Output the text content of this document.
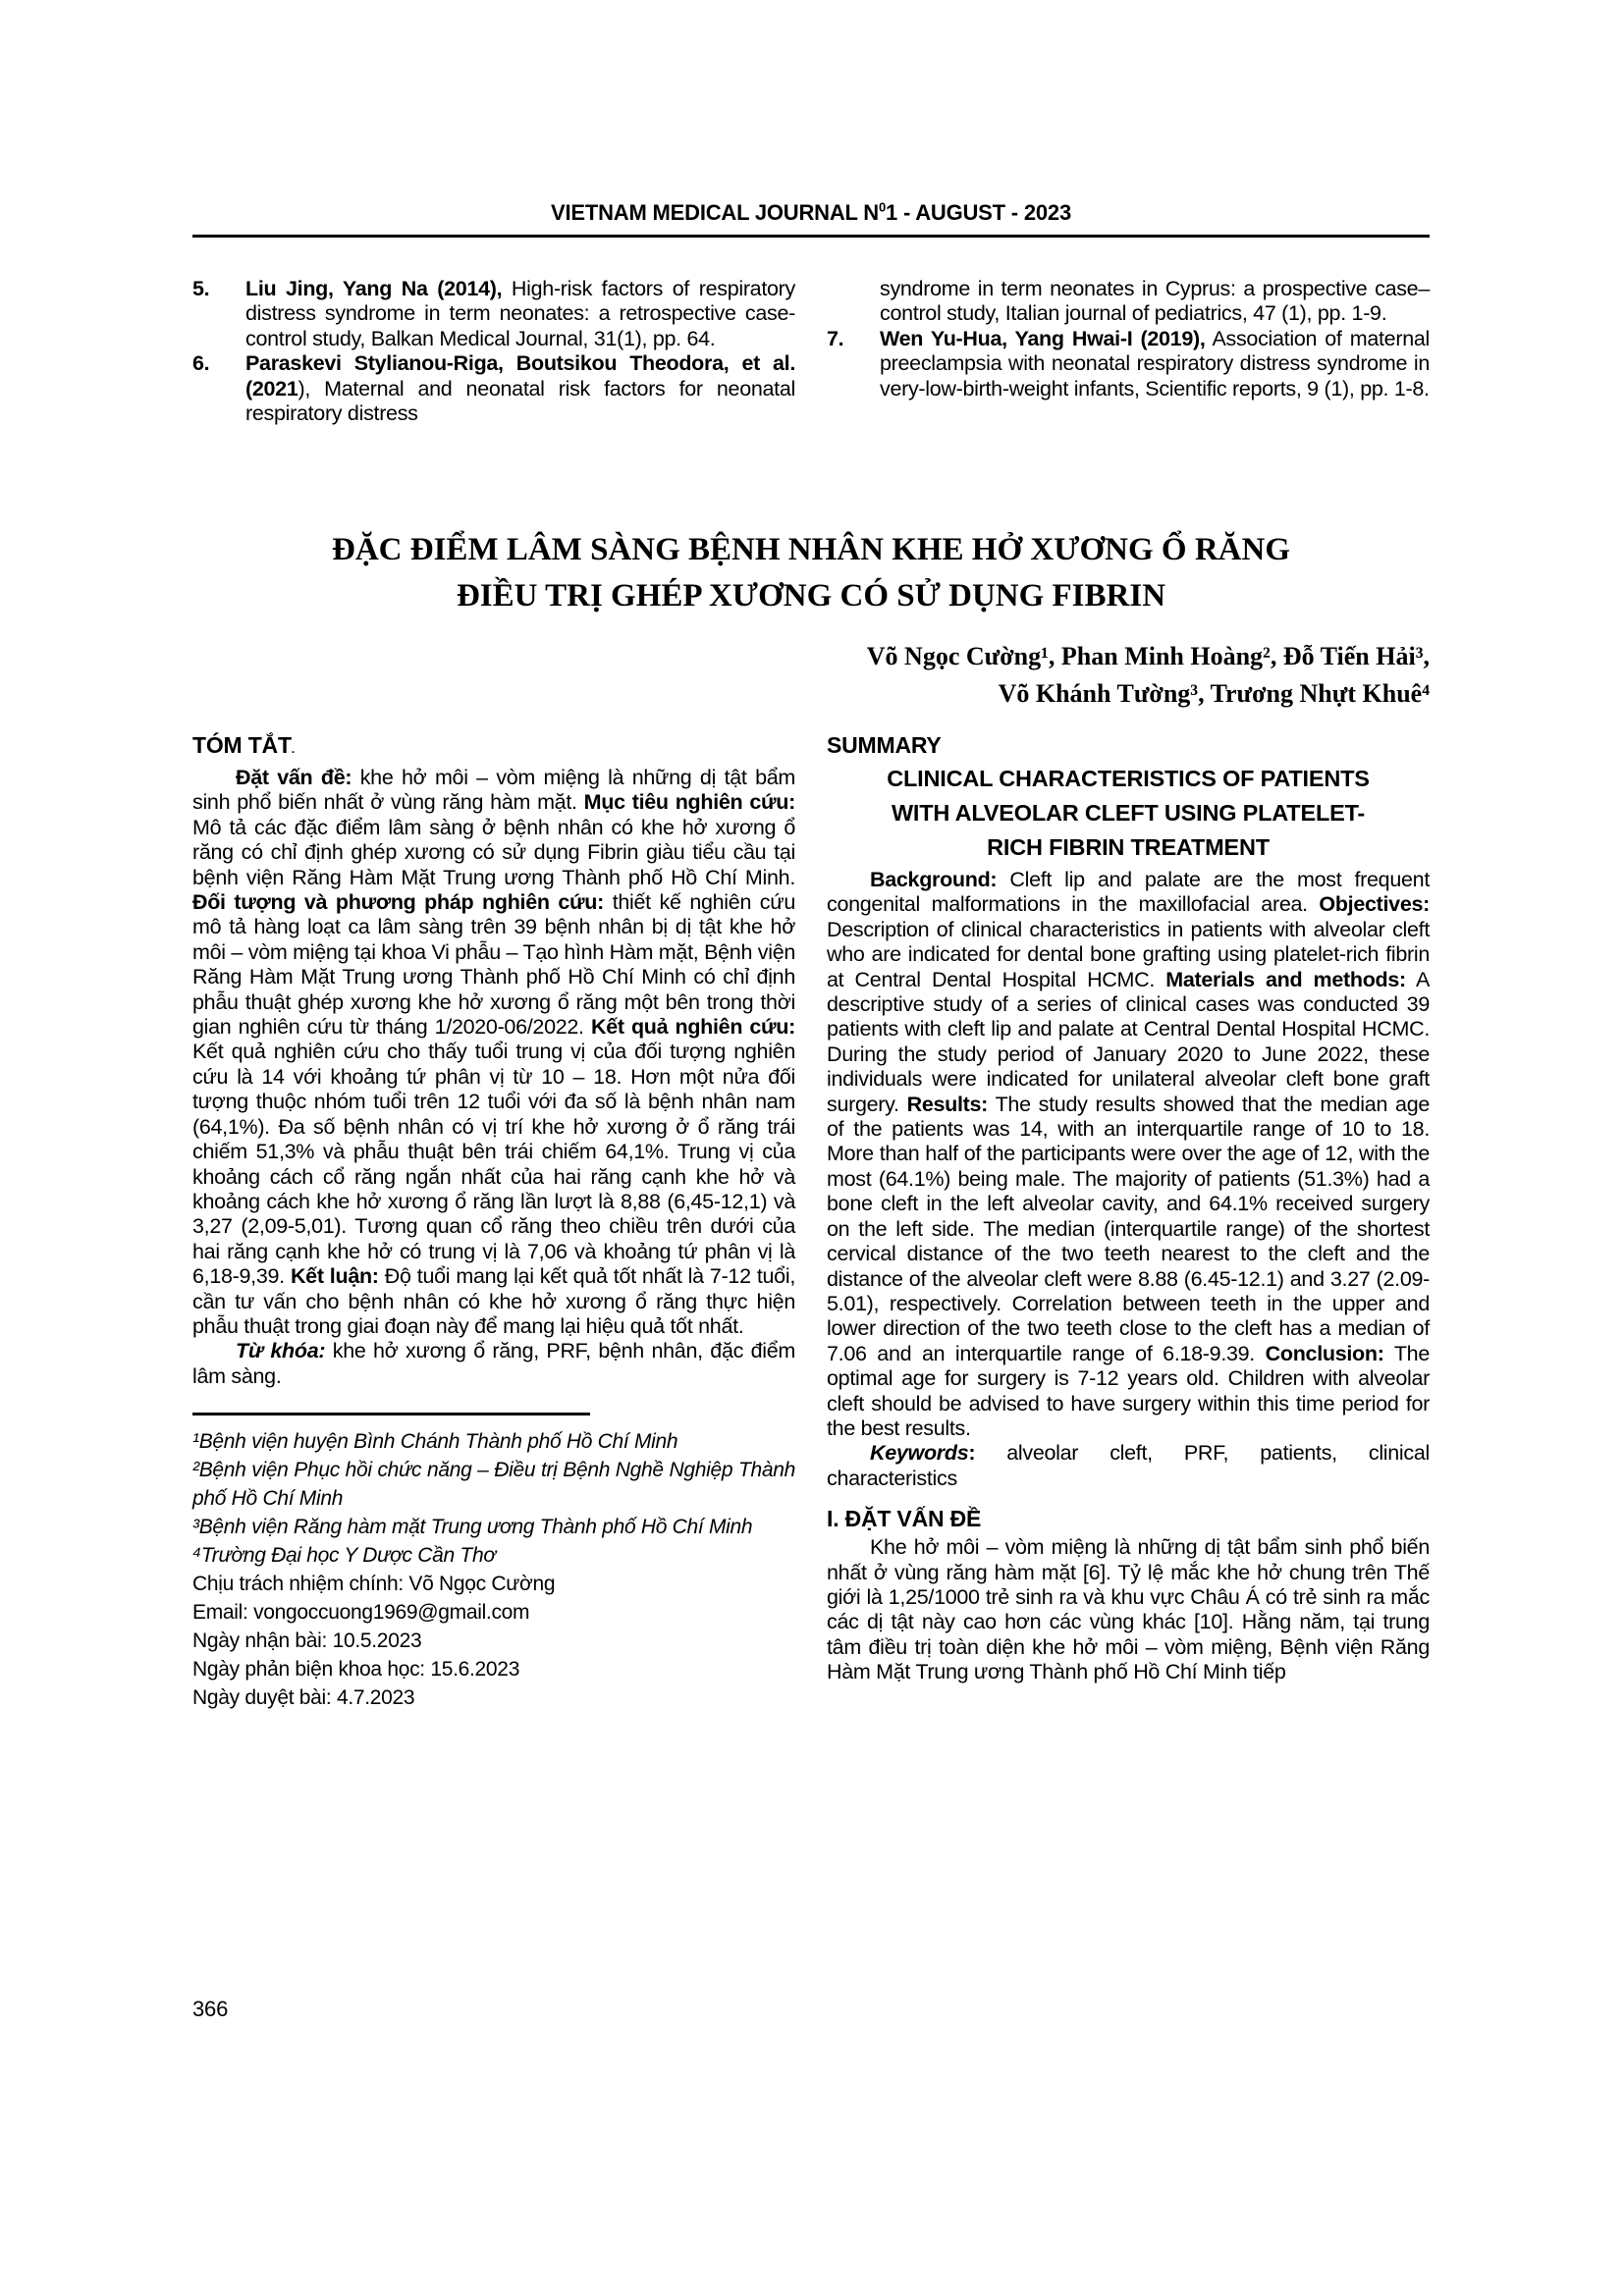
VIETNAM MEDICAL JOURNAL $N^01$ - AUGUST - 2023

5. Liu Jing, Yang Na (2014), High-risk factors of respiratory distress syndrome in term neonates: a retrospective case-control study, Balkan Medical Journal, 31(1), pp. 64.

6. Paraskevi Stylianou-Riga, Boutsikou Theodora, et al. (2021), Maternal and neonatal risk factors for neonatal respiratory distress

syndrome in term neonates in Cyprus: a prospective case–control study, Italian journal of pediatrics, 47 (1), pp. 1-9.

7. Wen Yu-Hua, Yang Hwai-I (2019), Association of maternal preeclampsia with neonatal respiratory distress syndrome in very-low-birth-weight infants, Scientific reports, 9 (1), pp. 1-8.

ĐẶC ĐIỂM LÂM SÀNG BỆNH NHÂN KHE HỞ XƯƠNG Ổ RĂNG
ĐIỀU TRỊ GHÉP XƯƠNG CÓ SỬ DỤNG FIBRIN
Võ Ngọc Cường¹, Phan Minh Hoàng², Đỗ Tiến Hải³,
Võ Khánh Tường³, Trương Nhựt Khuê⁴
TÓM TẮT.

Đặt vấn đề: khe hở môi – vòm miệng là những dị tật bẩm sinh phổ biến nhất ở vùng răng hàm mặt. Mục tiêu nghiên cứu: Mô tả các đặc điểm lâm sàng ở bệnh nhân có khe hở xương ổ răng có chỉ định ghép xương có sử dụng Fibrin giàu tiểu cầu tại bệnh viện Răng Hàm Mặt Trung ương Thành phố Hồ Chí Minh. Đối tượng và phương pháp nghiên cứu: thiết kế nghiên cứu mô tả hàng loạt ca lâm sàng trên 39 bệnh nhân bị dị tật khe hở môi – vòm miệng tại khoa Vi phẫu – Tạo hình Hàm mặt, Bệnh viện Răng Hàm Mặt Trung ương Thành phố Hồ Chí Minh có chỉ định phẫu thuật ghép xương khe hở xương ổ răng một bên trong thời gian nghiên cứu từ tháng 1/2020-06/2022. Kết quả nghiên cứu: Kết quả nghiên cứu cho thấy tuổi trung vị của đối tượng nghiên cứu là 14 với khoảng tứ phân vị từ 10 – 18. Hơn một nửa đối tượng thuộc nhóm tuổi trên 12 tuổi với đa số là bệnh nhân nam (64,1%). Đa số bệnh nhân có vị trí khe hở xương ở ổ răng trái chiếm 51,3% và phẫu thuật bên trái chiếm 64,1%. Trung vị của khoảng cách cổ răng ngắn nhất của hai răng cạnh khe hở và khoảng cách khe hở xương ổ răng lần lượt là 8,88 (6,45-12,1) và 3,27 (2,09-5,01). Tương quan cổ răng theo chiều trên dưới của hai răng cạnh khe hở có trung vị là 7,06 và khoảng tứ phân vị là 6,18-9,39. Kết luận: Độ tuổi mang lại kết quả tốt nhất là 7-12 tuổi, cần tư vấn cho bệnh nhân có khe hở xương ổ răng thực hiện phẫu thuật trong giai đoạn này để mang lại hiệu quả tốt nhất.

Từ khóa: khe hở xương ổ răng, PRF, bệnh nhân, đặc điểm lâm sàng.

¹Bệnh viện huyện Bình Chánh Thành phố Hồ Chí Minh
²Bệnh viện Phục hồi chức năng – Điều trị Bệnh Nghề Nghiệp Thành phố Hồ Chí Minh
³Bệnh viện Răng hàm mặt Trung ương Thành phố Hồ Chí Minh
⁴Trường Đại học Y Dược Cần Thơ
Chịu trách nhiệm chính: Võ Ngọc Cường
Email: vongoccuong1969@gmail.com
Ngày nhận bài: 10.5.2023
Ngày phản biện khoa học: 15.6.2023
Ngày duyệt bài: 4.7.2023
SUMMARY
CLINICAL CHARACTERISTICS OF PATIENTS
WITH ALVEOLAR CLEFT USING PLATELET-
RICH FIBRIN TREATMENT

Background: Cleft lip and palate are the most frequent congenital malformations in the maxillofacial area. Objectives: Description of clinical characteristics in patients with alveolar cleft who are indicated for dental bone grafting using platelet-rich fibrin at Central Dental Hospital HCMC. Materials and methods: A descriptive study of a series of clinical cases was conducted 39 patients with cleft lip and palate at Central Dental Hospital HCMC. During the study period of January 2020 to June 2022, these individuals were indicated for unilateral alveolar cleft bone graft surgery. Results: The study results showed that the median age of the patients was 14, with an interquartile range of 10 to 18. More than half of the participants were over the age of 12, with the most (64.1%) being male. The majority of patients (51.3%) had a bone cleft in the left alveolar cavity, and 64.1% received surgery on the left side. The median (interquartile range) of the shortest cervical distance of the two teeth nearest to the cleft and the distance of the alveolar cleft were 8.88 (6.45-12.1) and 3.27 (2.09-5.01), respectively. Correlation between teeth in the upper and lower direction of the two teeth close to the cleft has a median of 7.06 and an interquartile range of 6.18-9.39. Conclusion: The optimal age for surgery is 7-12 years old. Children with alveolar cleft should be advised to have surgery within this time period for the best results.

Keywords: alveolar cleft, PRF, patients, clinical characteristics

I. ĐẶT VẤN ĐỀ

Khe hở môi – vòm miệng là những dị tật bẩm sinh phổ biến nhất ở vùng răng hàm mặt [6]. Tỷ lệ mắc khe hở chung trên Thế giới là 1,25/1000 trẻ sinh ra và khu vực Châu Á có trẻ sinh ra mắc các dị tật này cao hơn các vùng khác [10]. Hằng năm, tại trung tâm điều trị toàn diện khe hở môi – vòm miệng, Bệnh viện Răng Hàm Mặt Trung ương Thành phố Hồ Chí Minh tiếp

366
